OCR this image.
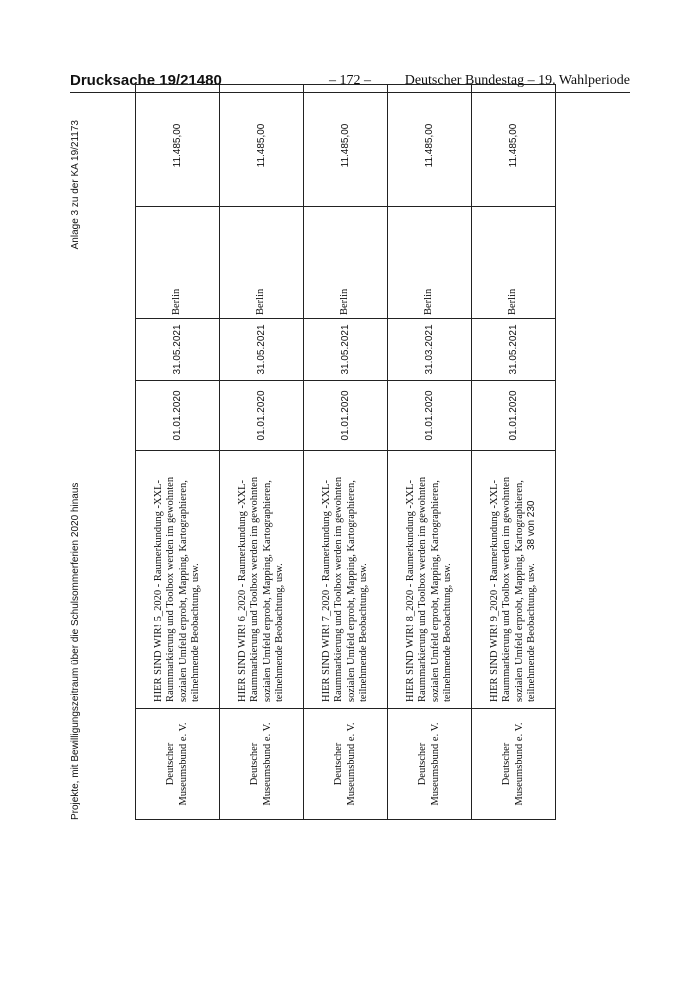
Drucksache 19/21480	– 172 –	Deutscher Bundestag – 19. Wahlperiode
Projekte, mit Bewilligungszeitraum über die Schulsommerferien 2020 hinaus
Anlage 3 zu der KA 19/21173
Deutscher Museumsbund e. V.	HIER SIND WIR! 5_2020 - Raumerkundung -XXL- Raummarkierung und Toolbox werden im gewohnten sozialen Umfeld erprobt, Mapping, Kartographieren, teilnehmende Beobachtung, usw.	01.01.2020	31.05.2021	Berlin	11.485,00
Deutscher Museumsbund e. V.	HIER SIND WIR! 6_2020 - Raumerkundung -XXL- Raummarkierung und Toolbox werden im gewohnten sozialen Umfeld erprobt, Mapping, Kartographieren, teilnehmende Beobachtung, usw.	01.01.2020	31.05.2021	Berlin	11.485,00
Deutscher Museumsbund e. V.	HIER SIND WIR! 7_2020 - Raumerkundung -XXL- Raummarkierung und Toolbox werden im gewohnten sozialen Umfeld erprobt, Mapping, Kartographieren, teilnehmende Beobachtung, usw.	01.01.2020	31.05.2021	Berlin	11.485,00
Deutscher Museumsbund e. V.	HIER SIND WIR! 8_2020 - Raumerkundung -XXL- Raummarkierung und Toolbox werden im gewohnten sozialen Umfeld erprobt, Mapping, Kartographieren, teilnehmende Beobachtung, usw.	01.01.2020	31.03.2021	Berlin	11.485,00
Deutscher Museumsbund e. V.	HIER SIND WIR! 9_2020 - Raumerkundung -XXL- Raummarkierung und Toolbox werden im gewohnten sozialen Umfeld erprobt, Mapping, Kartographieren, teilnehmende Beobachtung, usw.	01.01.2020	31.05.2021	Berlin	11.485,00
38 von 230
